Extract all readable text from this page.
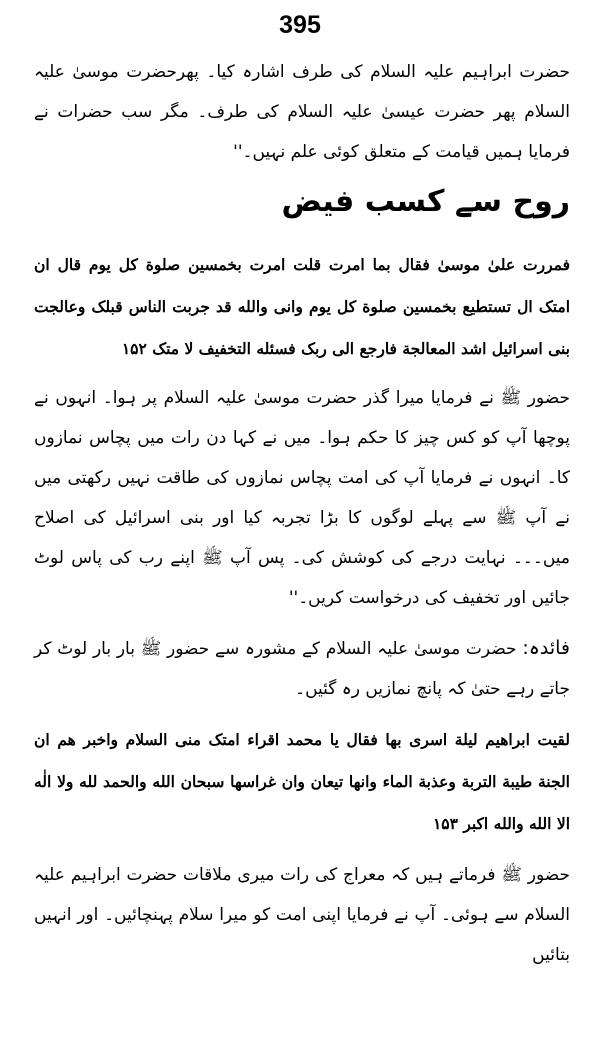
395

حضرت ابراہیم علیہ السلام کی طرف اشارہ کیا۔ پھرحضرت موسیٰ علیہ السلام پھر حضرت عیسیٰ علیہ السلام کی طرف۔ مگر سب حضرات نے فرمایا ہمیں قیامت کے متعلق کوئی علم نہیں۔''

روح سے کسب فیض

فمررت علیٰ موسیٰ فقال بما امرت قلت امرت بخمسين صلوة کل یوم قال ان امتک ال تستطیع بخمسين صلوة کل یوم وانی والله قد جربت الناس قبلک وعالجت بنی اسرائيل اشد المعالجة فارجع الی ربک فسئله التخفيف لا متک ۱۵۲

حضور ﷺ نے فرمایا میرا گذر حضرت موسیٰ علیہ السلام پر ہوا۔ انہوں نے پوچھا آپ کو کس چیز کا حکم ہوا۔ میں نے کہا دن رات میں پچاس نمازوں کا۔ انہوں نے فرمایا آپ کی امت پچاس نمازوں کی طاقت نہیں رکھتی میں نے آپ ﷺ سے پہلے لوگوں کا بڑا تجربہ کیا اور بنی اسرائیل کی اصلاح میں۔۔۔ نہایت درجے کی کوشش کی۔ پس آپ ﷺ اپنے رب کی پاس لوٹ جائیں اور تخفیف کی درخواست کریں۔''

فائدہ: حضرت موسیٰ علیہ السلام کے مشورہ سے حضور ﷺ بار بار لوٹ کر جاتے رہے حتیٰ کہ پانچ نمازیں رہ گئیں۔

لقیت ابراھیم لیلة اسری بھا فقال یا محمد اقراء امتک منی السلام واخبر ھم ان الجنة طیبة التربة وعذبة الماء وانها تیعان وان غراسها سبحان الله والحمد لله ولا الٰه الا الله والله اکبر ۱۵۳

حضور ﷺ فرماتے ہیں کہ معراج کی رات میری ملاقات حضرت ابراہیم علیہ السلام سے ہوئی۔ آپ نے فرمایا اپنی امت کو میرا سلام پہنچائیں۔ اور انہیں بتائیں
